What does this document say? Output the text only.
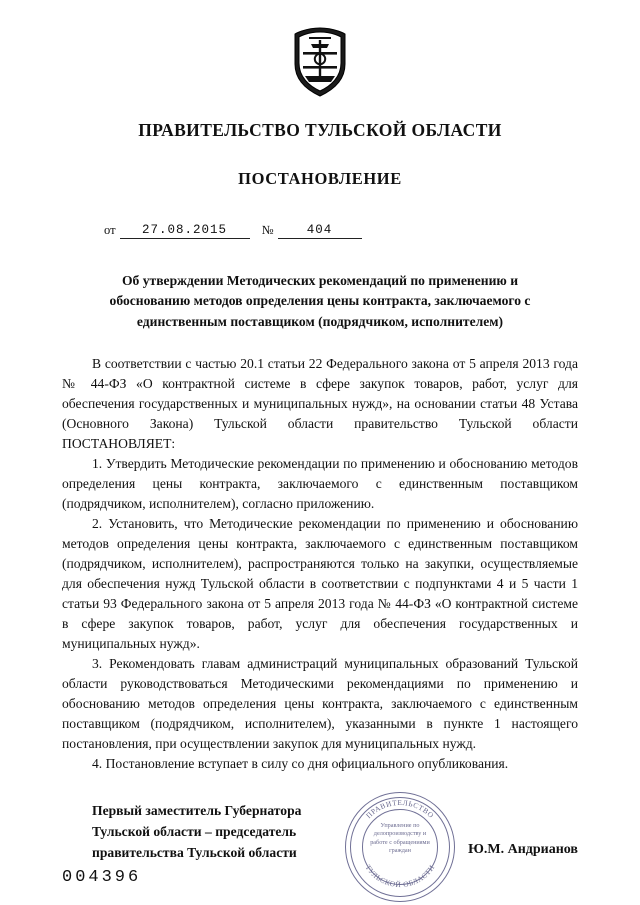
ПРАВИТЕЛЬСТВО ТУЛЬСКОЙ ОБЛАСТИ
ПОСТАНОВЛЕНИЕ
от	27.08.2015	№	404
Об утверждении Методических рекомендаций по применению и обоснованию методов определения цены контракта, заключаемого с единственным поставщиком (подрядчиком, исполнителем)

В соответствии с частью 20.1 статьи 22 Федерального закона от 5 апреля 2013 года № 44-ФЗ «О контрактной системе в сфере закупок товаров, работ, услуг для обеспечения государственных и муниципальных нужд», на основании статьи 48 Устава (Основного Закона) Тульской области правительство Тульской области ПОСТАНОВЛЯЕТ:

1. Утвердить Методические рекомендации по применению и обоснованию методов определения цены контракта, заключаемого с единственным поставщиком (подрядчиком, исполнителем), согласно приложению.

2. Установить, что Методические рекомендации по применению и обоснованию методов определения цены контракта, заключаемого с единственным поставщиком (подрядчиком, исполнителем), распространяются только на закупки, осуществляемые для обеспечения нужд Тульской области в соответствии с подпунктами 4 и 5 части 1 статьи 93 Федерального закона от 5 апреля 2013 года № 44-ФЗ «О контрактной системе в сфере закупок товаров, работ, услуг для обеспечения государственных и муниципальных нужд».

3. Рекомендовать главам администраций муниципальных образований Тульской области руководствоваться Методическими рекомендациями по применению и обоснованию методов определения цены контракта, заключаемого с единственным поставщиком (подрядчиком, исполнителем), указанными в пункте 1 настоящего постановления, при осуществлении закупок для муниципальных нужд.

4. Постановление вступает в силу со дня официального опубликования.

Первый заместитель Губернатора
Тульской области – председатель
правительства Тульской области	Ю.М. Андрианов
ПРАВИТЕЛЬСТВО
ТУЛЬСКОЙ ОБЛАСТИ
Управление по делопроизводству и работе с обращениями граждан
004396
